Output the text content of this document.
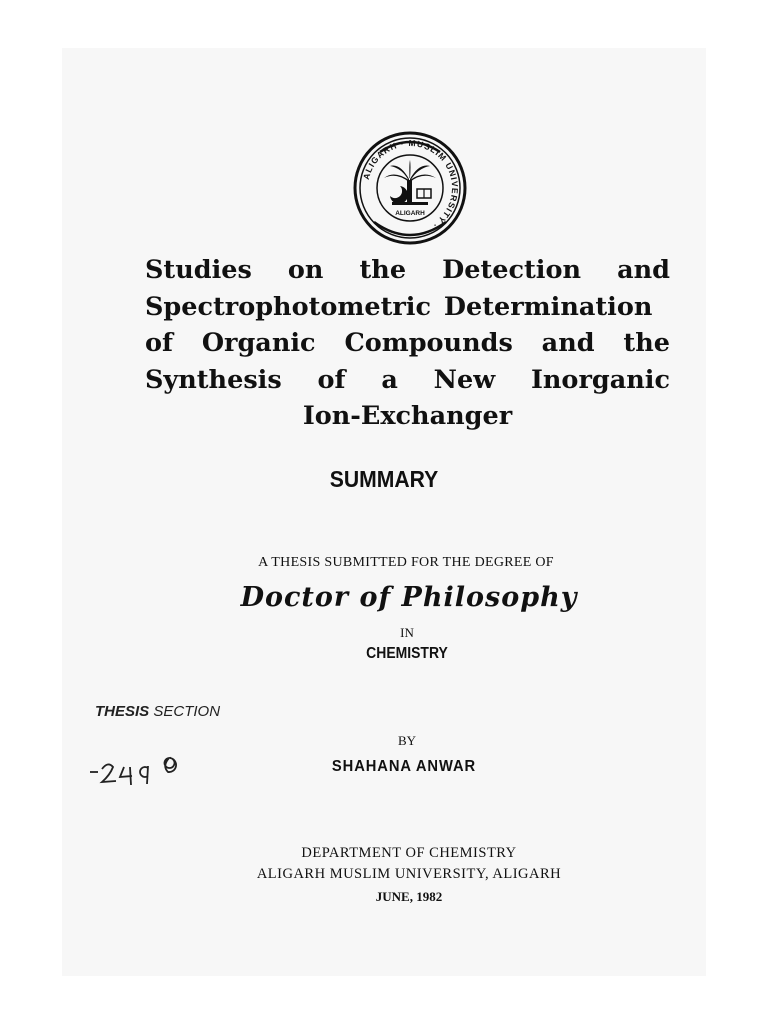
ALIGARH · MUSLIM UNIVERSITY ·
ALIGARH
Studies on the Detection and
Spectrophotometric Determination
of Organic Compounds and the
Synthesis of a New Inorganic
Ion-Exchanger
SUMMARY
A THESIS SUBMITTED FOR THE DEGREE OF
Doctor of Philosophy
IN
CHEMISTRY
THESIS SECTION
BY
SHAHANA ANWAR
DEPARTMENT OF CHEMISTRY
ALIGARH MUSLIM UNIVERSITY, ALIGARH
JUNE, 1982
